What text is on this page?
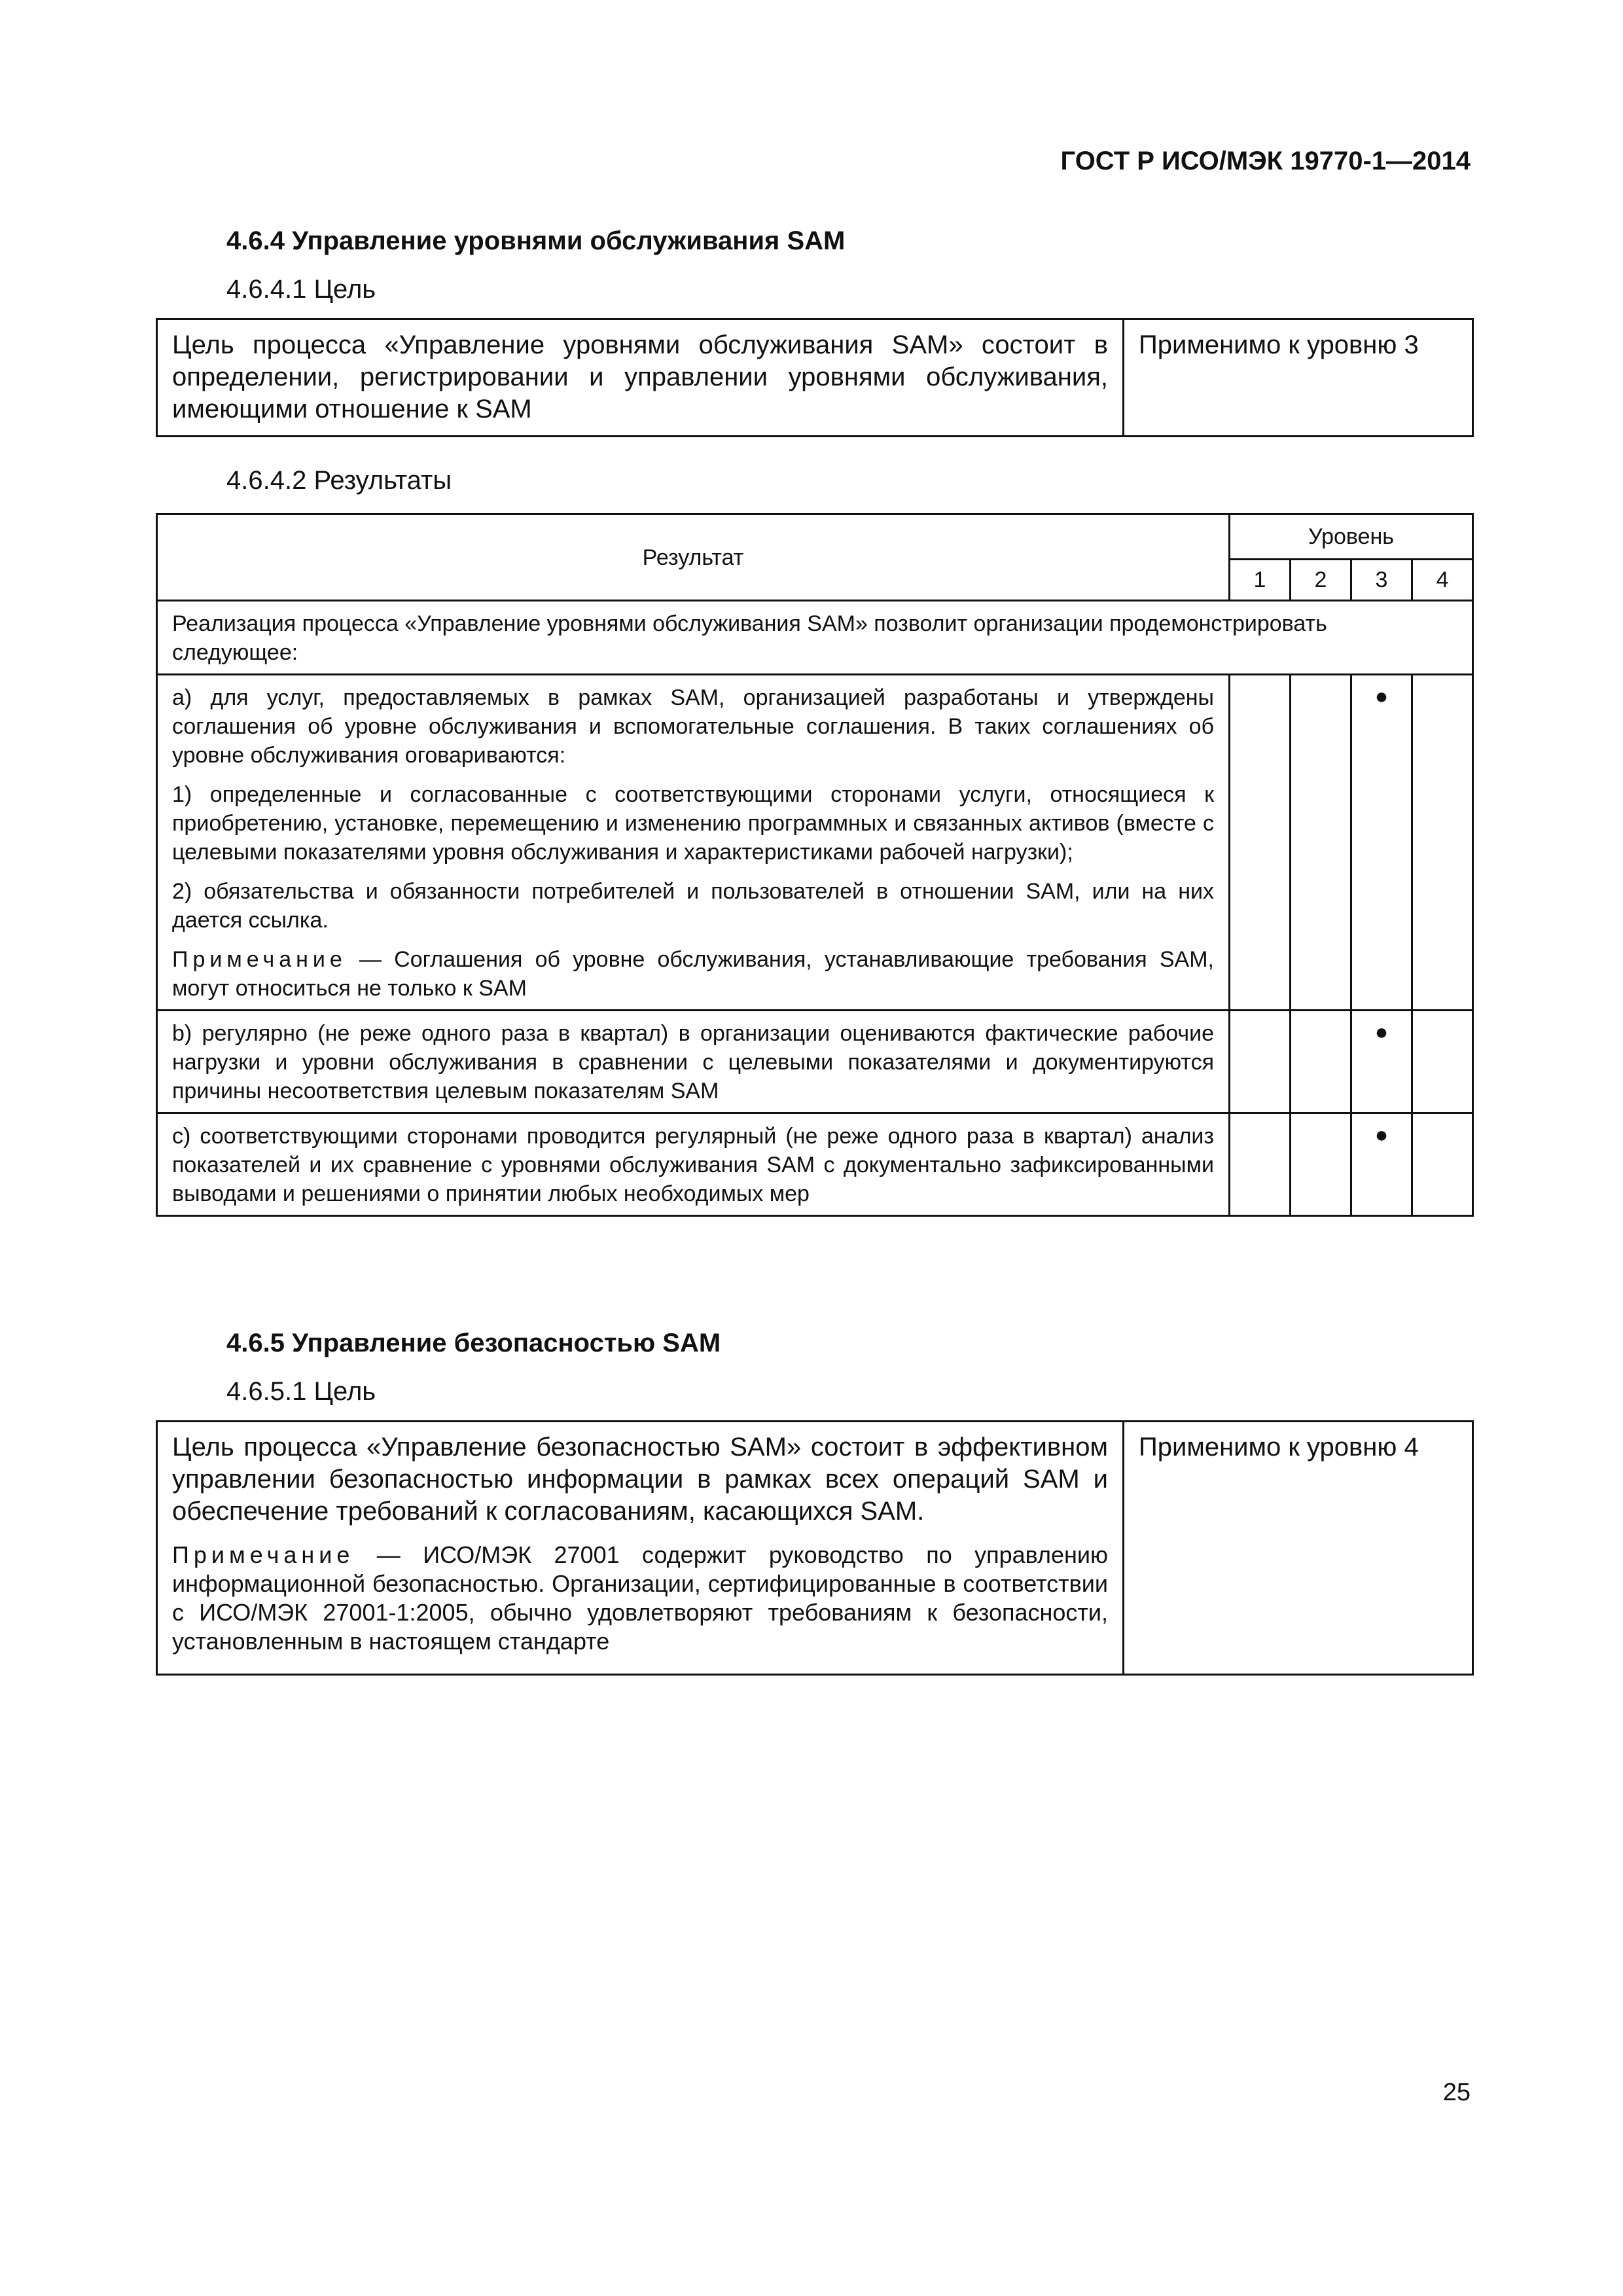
ГОСТ Р ИСО/МЭК 19770-1—2014
4.6.4 Управление уровнями обслуживания SAM
4.6.4.1 Цель
Цель процесса «Управление уровнями обслуживания SAM» состоит в определении, регистрировании и управлении уровнями обслуживания, имеющими отношение к SAM	Применимо к уровню 3
4.6.4.2 Результаты
Результат	Уровень			
	1	2	3	4
Реализация процесса «Управление уровнями обслуживания SAM» позволит организации продемонстрировать следующее:				

а) для услуг, предоставляемых в рамках SAM, организацией разработаны и утверждены соглашения об уровне обслуживания и вспомогательные соглашения. В таких соглашениях об уровне обслуживания оговариваются:

1) определенные и согласованные с соответствующими сторонами услуги, относящиеся к приобретению, установке, перемещению и изменению программных и связанных активов (вместе с целевыми показателями уровня обслуживания и характеристиками рабочей нагрузки);

2) обязательства и обязанности потребителей и пользователей в отношении SAM, или на них дается ссылка.

Примечание — Соглашения об уровне обслуживания, устанавливающие требования SAM, могут относиться не только к SAM			●	
b) регулярно (не реже одного раза в квартал) в организации оцениваются фактические рабочие нагрузки и уровни обслуживания в сравнении с целевыми показателями и документируются причины несоответствия целевым показателям SAM			●	
с) соответствующими сторонами проводится регулярный (не реже одного раза в квартал) анализ показателей и их сравнение с уровнями обслуживания SAM с документально зафиксированными выводами и решениями о принятии любых необходимых мер			●	
4.6.5 Управление безопасностью SAM
4.6.5.1 Цель
Цель процесса «Управление безопасностью SAM» состоит в эффективном управлении безопасностью информации в рамках всех операций SAM и обеспечение требований к согласованиям, касающихся SAM.
Примечание — ИСО/МЭК 27001 содержит руководство по управлению информационной безопасностью. Организации, сертифицированные в соответствии с ИСО/МЭК 27001-1:2005, обычно удовлетворяют требованиям к безопасности, установленным в настоящем стандарте
	Применимо к уровню 4
25
